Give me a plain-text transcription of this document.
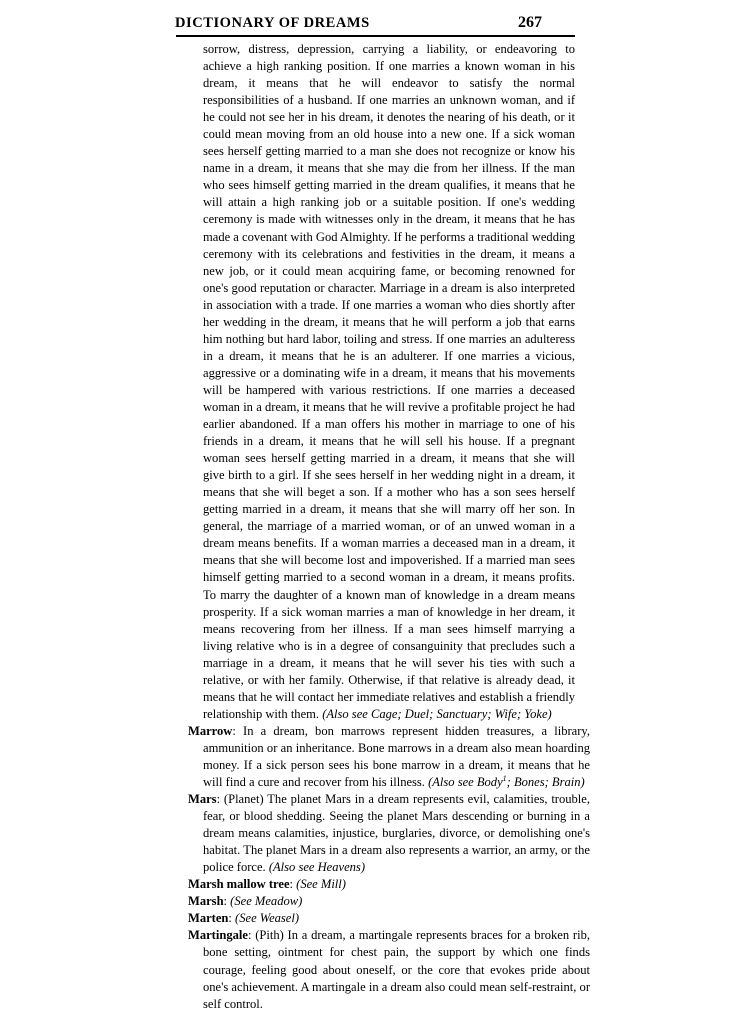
DICTIONARY OF DREAMS	267

sorrow, distress, depression, carrying a liability, or endeavoring to achieve a high ranking position. If one marries a known woman in his dream, it means that he will endeavor to satisfy the normal responsibilities of a husband. If one marries an unknown woman, and if he could not see her in his dream, it denotes the nearing of his death, or it could mean moving from an old house into a new one. If a sick woman sees herself getting married to a man she does not recognize or know his name in a dream, it means that she may die from her illness. If the man who sees himself getting married in the dream qualifies, it means that he will attain a high ranking job or a suitable position. If one's wedding ceremony is made with witnesses only in the dream, it means that he has made a covenant with God Almighty. If he performs a traditional wedding ceremony with its celebrations and festivities in the dream, it means a new job, or it could mean acquiring fame, or becoming renowned for one's good reputation or character. Marriage in a dream is also interpreted in association with a trade. If one marries a woman who dies shortly after her wedding in the dream, it means that he will perform a job that earns him nothing but hard labor, toiling and stress. If one marries an adulteress in a dream, it means that he is an adulterer. If one marries a vicious, aggressive or a dominating wife in a dream, it means that his movements will be hampered with various restrictions. If one marries a deceased woman in a dream, it means that he will revive a profitable project he had earlier abandoned. If a man offers his mother in marriage to one of his friends in a dream, it means that he will sell his house. If a pregnant woman sees herself getting married in a dream, it means that she will give birth to a girl. If she sees herself in her wedding night in a dream, it means that she will beget a son. If a mother who has a son sees herself getting married in a dream, it means that she will marry off her son. In general, the marriage of a married woman, or of an unwed woman in a dream means benefits. If a woman marries a deceased man in a dream, it means that she will become lost and impoverished. If a married man sees himself getting married to a second woman in a dream, it means profits. To marry the daughter of a known man of knowledge in a dream means prosperity. If a sick woman marries a man of knowledge in her dream, it means recovering from her illness. If a man sees himself marrying a living relative who is in a degree of consanguinity that precludes such a marriage in a dream, it means that he will sever his ties with such a relative, or with her family. Otherwise, if that relative is already dead, it means that he will contact her immediate relatives and establish a friendly relationship with them. (Also see Cage; Duel; Sanctuary; Wife; Yoke)

Marrow: In a dream, bon marrows represent hidden treasures, a library, ammunition or an inheritance. Bone marrows in a dream also mean hoarding money. If a sick person sees his bone marrow in a dream, it means that he will find a cure and recover from his illness. (Also see Body$^1$; Bones; Brain)

Mars: (Planet) The planet Mars in a dream represents evil, calamities, trouble, fear, or blood shedding. Seeing the planet Mars descending or burning in a dream means calamities, injustice, burglaries, divorce, or demolishing one's habitat. The planet Mars in a dream also represents a warrior, an army, or the police force. (Also see Heavens)

Marsh mallow tree: (See Mill)

Marsh: (See Meadow)

Marten: (See Weasel)

Martingale: (Pith) In a dream, a martingale represents braces for a broken rib, bone setting, ointment for chest pain, the support by which one finds courage, feeling good about oneself, or the core that evokes pride about one's achievement. A martingale in a dream also could mean self-restraint, or self control.
